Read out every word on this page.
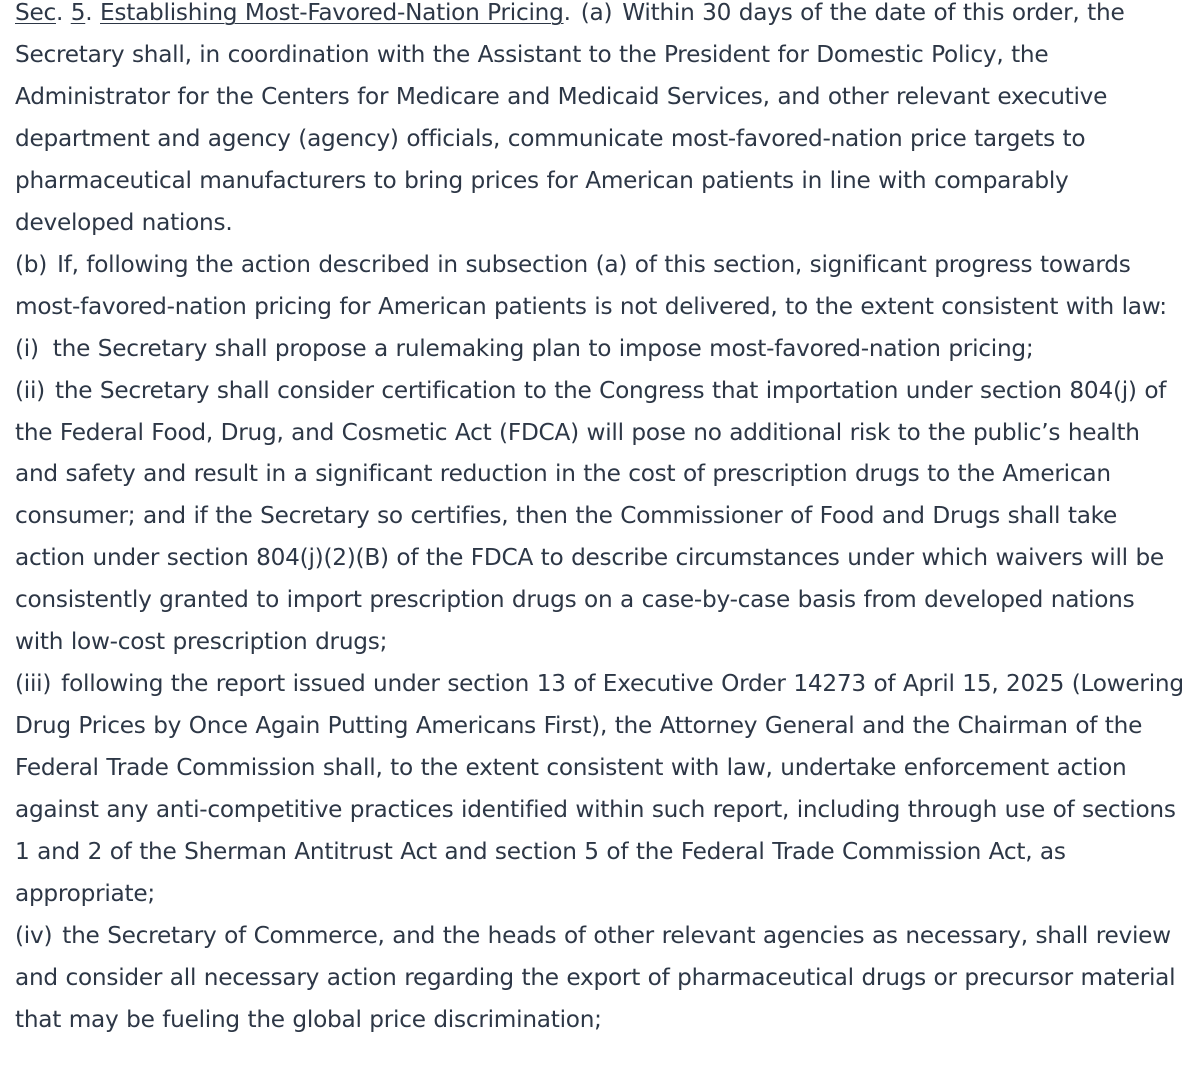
Sec. 5. Establishing Most-Favored-Nation Pricing. (a) Within 30 days of the date of this order, the Secretary shall, in coordination with the Assistant to the President for Domestic Policy, the Administrator for the Centers for Medicare and Medicaid Services, and other relevant executive department and agency (agency) officials, communicate most-favored-nation price targets to pharmaceutical manufacturers to bring prices for American patients in line with comparably developed nations.

(b) If, following the action described in subsection (a) of this section, significant progress towards most-favored-nation pricing for American patients is not delivered, to the extent consistent with law:

(i) the Secretary shall propose a rulemaking plan to impose most-favored-nation pricing;

(ii) the Secretary shall consider certification to the Congress that importation under section 804(j) of the Federal Food, Drug, and Cosmetic Act (FDCA) will pose no additional risk to the public’s health and safety and result in a significant reduction in the cost of prescription drugs to the American consumer; and if the Secretary so certifies, then the Commissioner of Food and Drugs shall take action under section 804(j)(2)(B) of the FDCA to describe circumstances under which waivers will be consistently granted to import prescription drugs on a case-by-case basis from developed nations with low-cost prescription drugs;

(iii) following the report issued under section 13 of Executive Order 14273 of April 15, 2025 (Lowering Drug Prices by Once Again Putting Americans First), the Attorney General and the Chairman of the Federal Trade Commission shall, to the extent consistent with law, undertake enforcement action against any anti-competitive practices identified within such report, including through use of sections 1 and 2 of the Sherman Antitrust Act and section 5 of the Federal Trade Commission Act, as appropriate;

(iv) the Secretary of Commerce, and the heads of other relevant agencies as necessary, shall review and consider all necessary action regarding the export of pharmaceutical drugs or precursor material that may be fueling the global price discrimination;
